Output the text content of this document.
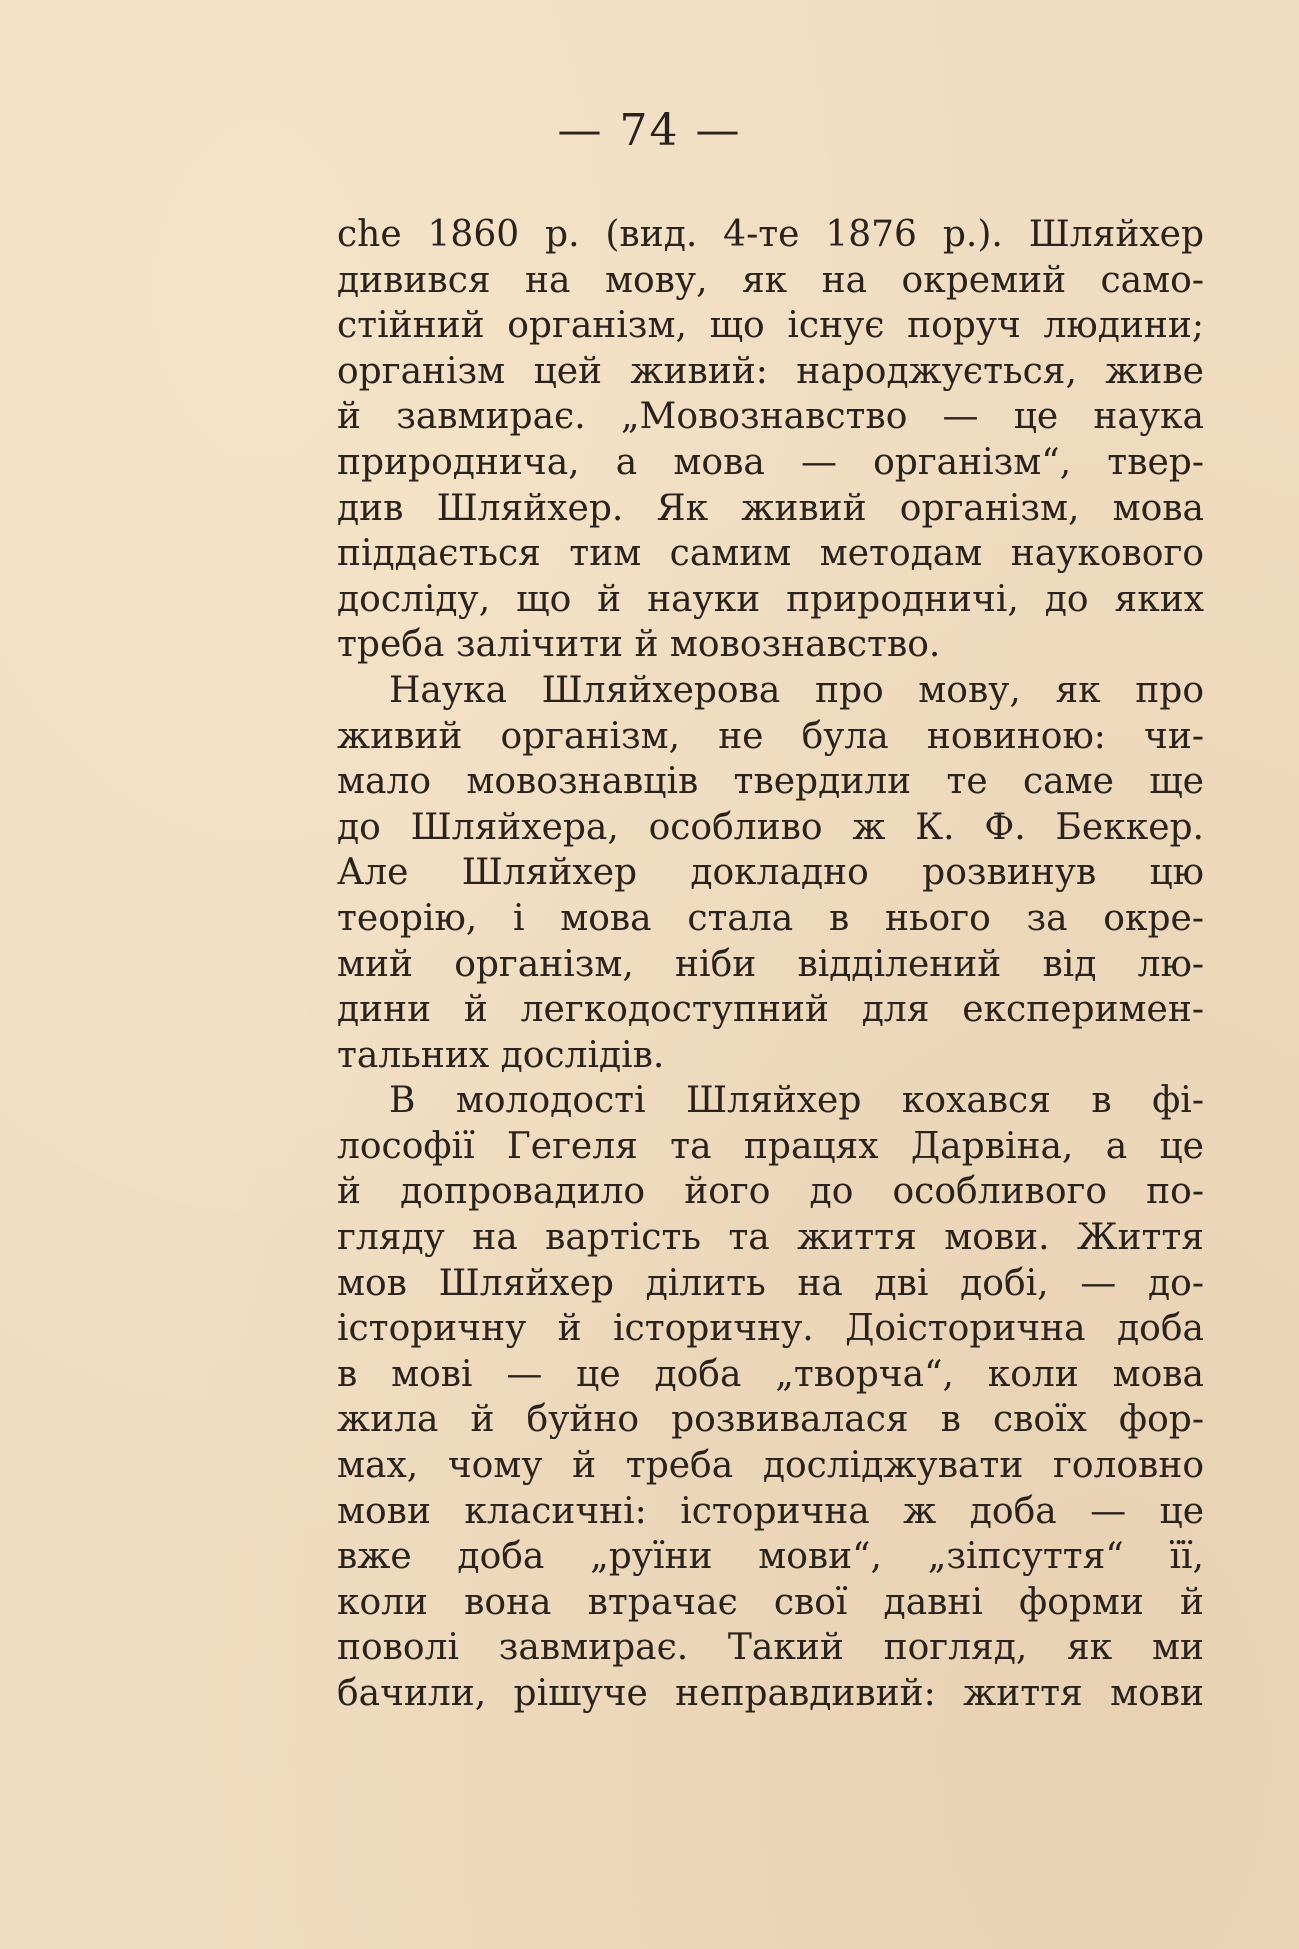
— 74 —
che 1860 р. (вид. 4-те 1876 р.). Шляйхер
дивився на мову, як на окремий само-
стійний організм, що існує поруч людини;
організм цей живий: народжується, живе
й завмирає. „Мовознавство — це наука
природнича, а мова — організм“, твер-
див Шляйхер. Як живий організм, мова
піддається тим самим методам наукового
досліду, що й науки природничі, до яких
треба залічити й мовознавство.
Наука Шляйхерова про мову, як про
живий організм, не була новиною: чи-
мало мовознавців твердили те саме ще
до Шляйхера, особливо ж К. Ф. Беккер.
Але Шляйхер докладно розвинув цю
теорію, і мова стала в нього за окре-
мий організм, ніби відділений від лю-
дини й легкодоступний для експеримен-
тальних дослідів.
В молодості Шляйхер кохався в фі-
лософії Гегеля та працях Дарвіна, а це
й допровадило його до особливого по-
гляду на вартість та життя мови. Життя
мов Шляйхер ділить на дві добі, — до-
історичну й історичну. Доісторична доба
в мові — це доба „творча“, коли мова
жила й буйно розвивалася в своїх фор-
мах, чому й треба досліджувати головно
мови класичні: історична ж доба — це
вже доба „руїни мови“, „зіпсуття“ її,
коли вона втрачає свої давні форми й
поволі завмирає. Такий погляд, як ми
бачили, рішуче неправдивий: життя мови
